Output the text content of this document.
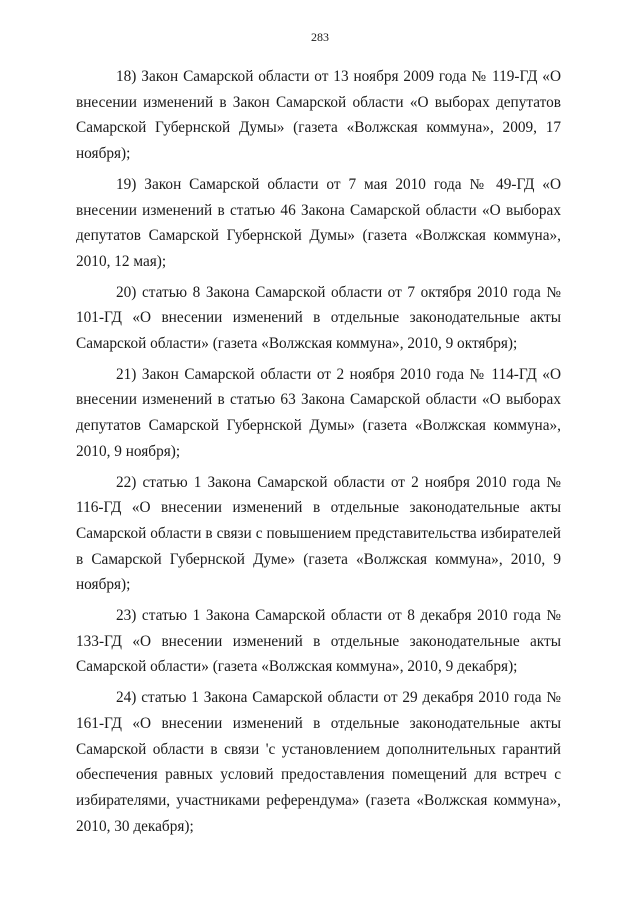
283

18) Закон Самарской области от 13 ноября 2009 года № 119-ГД «О внесении изменений в Закон Самарской области «О выборах депутатов Самарской Губернской Думы» (газета «Волжская коммуна», 2009, 17 ноября);

19) Закон Самарской области от 7 мая 2010 года № 49-ГД «О внесении изменений в статью 46 Закона Самарской области «О выборах депутатов Самарской Губернской Думы» (газета «Волжская коммуна», 2010, 12 мая);

20) статью 8 Закона Самарской области от 7 октября 2010 года № 101-ГД «О внесении изменений в отдельные законодательные акты Самарской области» (газета «Волжская коммуна», 2010, 9 октября);

21) Закон Самарской области от 2 ноября 2010 года № 114-ГД «О внесении изменений в статью 63 Закона Самарской области «О выборах депутатов Самарской Губернской Думы» (газета «Волжская коммуна», 2010, 9 ноября);

22) статью 1 Закона Самарской области от 2 ноября 2010 года № 116-ГД «О внесении изменений в отдельные законодательные акты Самарской области в связи с повышением представительства избирателей в Самарской Губернской Думе» (газета «Волжская коммуна», 2010, 9 ноября);

23) статью 1 Закона Самарской области от 8 декабря 2010 года № 133-ГД «О внесении изменений в отдельные законодательные акты Самарской области» (газета «Волжская коммуна», 2010, 9 декабря);

24) статью 1 Закона Самарской области от 29 декабря 2010 года № 161-ГД «О внесении изменений в отдельные законодательные акты Самарской области в связи 'с установлением дополнительных гарантий обеспечения равных условий предоставления помещений для встреч с избирателями, участниками референдума» (газета «Волжская коммуна», 2010, 30 декабря);
